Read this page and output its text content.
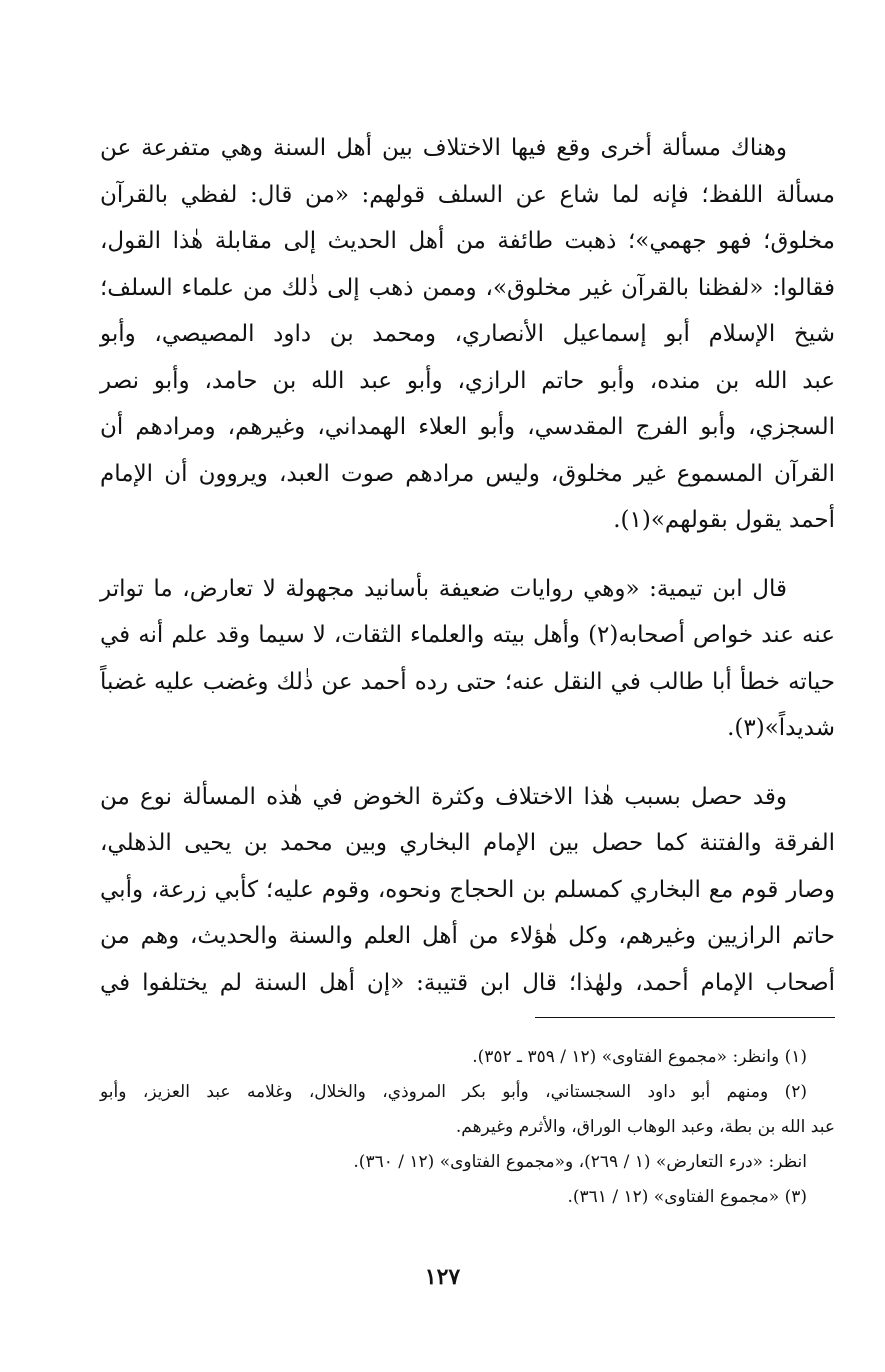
وهناك مسألة أخرى وقع فيها الاختلاف بين أهل السنة وهي متفرعة عن
مسألة اللفظ؛ فإنه لما شاع عن السلف قولهم: «من قال: لفظي بالقرآن
مخلوق؛ فهو جهمي»؛ ذهبت طائفة من أهل الحديث إلى مقابلة هٰذا القول،
فقالوا: «لفظنا بالقرآن غير مخلوق»، وممن ذهب إلى ذٰلك من علماء السلف؛
شيخ الإسلام أبو إسماعيل الأنصاري، ومحمد بن داود المصيصي، وأبو
عبد الله بن منده، وأبو حاتم الرازي، وأبو عبد الله بن حامد، وأبو نصر
السجزي، وأبو الفرج المقدسي، وأبو العلاء الهمداني، وغيرهم، ومرادهم أن
القرآن المسموع غير مخلوق، وليس مرادهم صوت العبد، ويروون أن الإمام
أحمد يقول بقولهم»(١).

قال ابن تيمية: «وهي روايات ضعيفة بأسانيد مجهولة لا تعارض، ما تواتر
عنه عند خواص أصحابه(٢) وأهل بيته والعلماء الثقات، لا سيما وقد علم أنه في
حياته خطأ أبا طالب في النقل عنه؛ حتى رده أحمد عن ذٰلك وغضب عليه غضباً
شديداً»(٣).

وقد حصل بسبب هٰذا الاختلاف وكثرة الخوض في هٰذه المسألة نوع من
الفرقة والفتنة كما حصل بين الإمام البخاري وبين محمد بن يحيى الذهلي،
وصار قوم مع البخاري كمسلم بن الحجاج ونحوه، وقوم عليه؛ كأبي زرعة، وأبي
حاتم الرازيين وغيرهم، وكل هٰؤلاء من أهل العلم والسنة والحديث، وهم من
أصحاب الإمام أحمد، ولهٰذا؛ قال ابن قتيبة: «إن أهل السنة لم يختلفوا في

(١) وانظر: «مجموع الفتاوى» (١٢ / ٣٥٩ ـ ٣٥٢).

(٢) ومنهم أبو داود السجستاني، وأبو بكر المروذي، والخلال، وغلامه عبد العزيز، وأبو

عبد الله بن بطة، وعبد الوهاب الوراق، والأثرم وغيرهم.

انظر: «درء التعارض» (١ / ٢٦٩)، و«مجموع الفتاوى» (١٢ / ٣٦٠).

(٣) «مجموع الفتاوى» (١٢ / ٣٦١).

١٢٧
